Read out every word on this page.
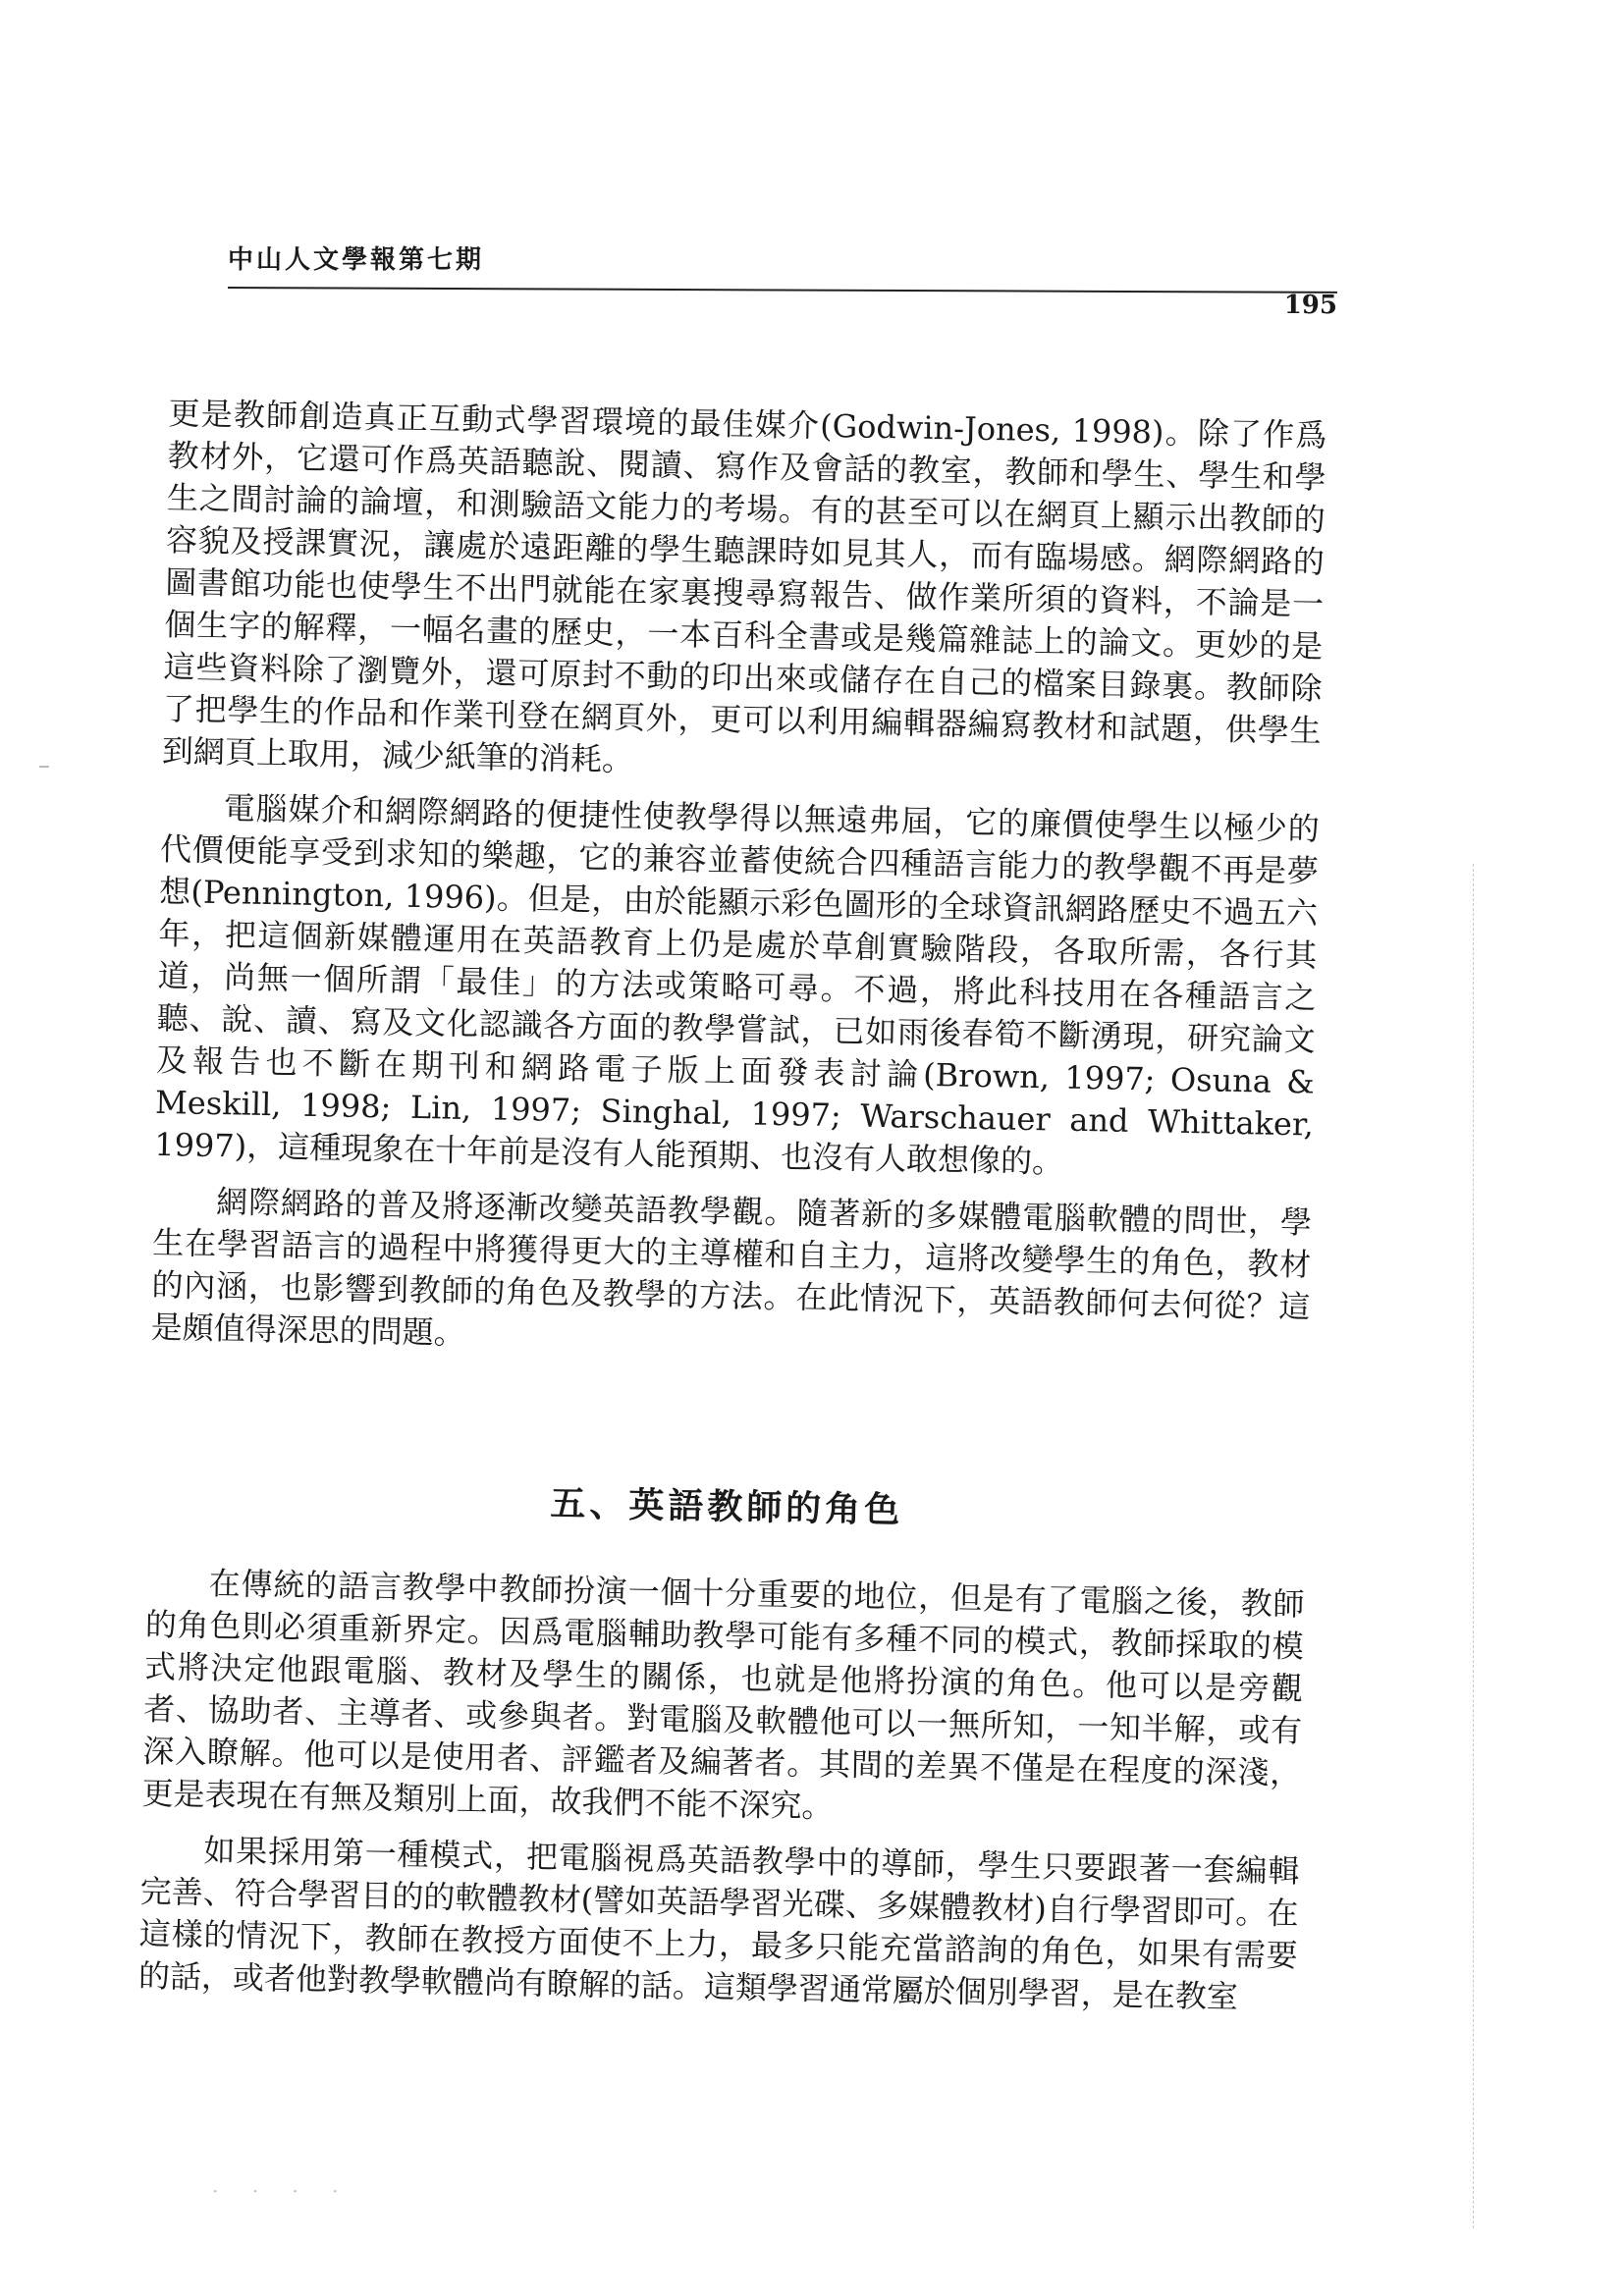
中山人文學報第七期
195

更是教師創造真正互動式學習環境的最佳媒介(Godwin-Jones, 1998)。除了作爲教材外，它還可作爲英語聽說、閱讀、寫作及會話的教室，教師和學生、學生和學生之間討論的論壇，和測驗語文能力的考場。有的甚至可以在網頁上顯示出教師的容貌及授課實況，讓處於遠距離的學生聽課時如見其人，而有臨場感。網際網路的圖書館功能也使學生不出門就能在家裏搜尋寫報告、做作業所須的資料，不論是一個生字的解釋，一幅名畫的歷史，一本百科全書或是幾篇雜誌上的論文。更妙的是這些資料除了瀏覽外，還可原封不動的印出來或儲存在自己的檔案目錄裏。教師除了把學生的作品和作業刊登在網頁外，更可以利用編輯器編寫教材和試題，供學生到網頁上取用，減少紙筆的消耗。

電腦媒介和網際網路的便捷性使教學得以無遠弗屆，它的廉價使學生以極少的代價便能享受到求知的樂趣，它的兼容並蓄使統合四種語言能力的教學觀不再是夢想(Pennington, 1996)。但是，由於能顯示彩色圖形的全球資訊網路歷史不過五六年，把這個新媒體運用在英語教育上仍是處於草創實驗階段，各取所需，各行其道，尚無一個所謂「最佳」的方法或策略可尋。不過，將此科技用在各種語言之聽、說、讀、寫及文化認識各方面的教學嘗試，已如雨後春筍不斷湧現，研究論文及報告也不斷在期刊和網路電子版上面發表討論(Brown, 1997; Osuna & Meskill, 1998; Lin, 1997; Singhal, 1997; Warschauer and Whittaker, 1997)，這種現象在十年前是沒有人能預期、也沒有人敢想像的。

網際網路的普及將逐漸改變英語教學觀。隨著新的多媒體電腦軟體的問世，學生在學習語言的過程中將獲得更大的主導權和自主力，這將改變學生的角色，教材的內涵，也影響到教師的角色及教學的方法。在此情況下，英語教師何去何從？這是頗值得深思的問題。

五、英語教師的角色

在傳統的語言教學中教師扮演一個十分重要的地位，但是有了電腦之後，教師的角色則必須重新界定。因爲電腦輔助教學可能有多種不同的模式，教師採取的模式將決定他跟電腦、教材及學生的關係，也就是他將扮演的角色。他可以是旁觀者、協助者、主導者、或參與者。對電腦及軟體他可以一無所知，一知半解，或有深入瞭解。他可以是使用者、評鑑者及編著者。其間的差異不僅是在程度的深淺，更是表現在有無及類別上面，故我們不能不深究。

如果採用第一種模式，把電腦視爲英語教學中的導師，學生只要跟著一套編輯完善、符合學習目的的軟體教材(譬如英語學習光碟、多媒體教材)自行學習即可。在這樣的情況下，教師在教授方面使不上力，最多只能充當諮詢的角色，如果有需要的話，或者他對教學軟體尚有瞭解的話。這類學習通常屬於個別學習，是在教室

· · · ·
